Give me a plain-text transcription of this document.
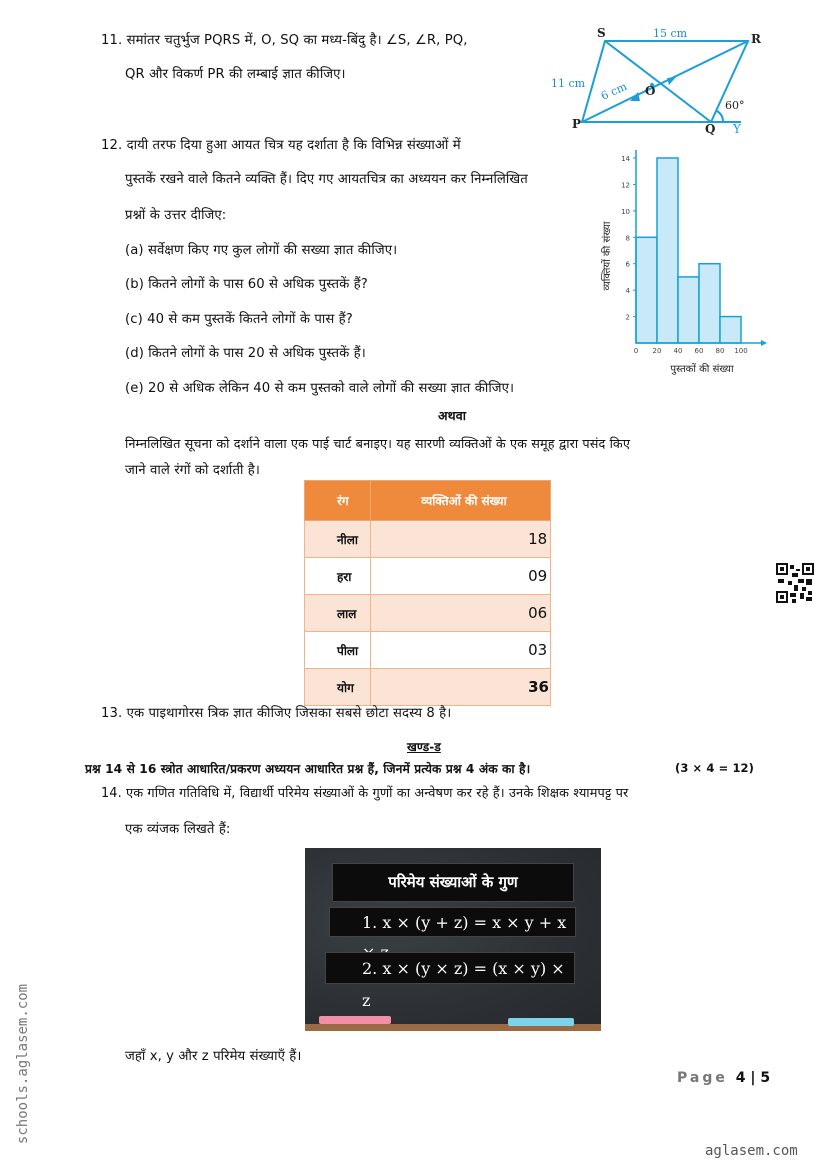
11. समांतर चतुर्भुज PQRS में, O, SQ का मध्य-बिंदु है। ∠S, ∠R, PQ,
QR और विकर्ण PR की लम्बाई ज्ञात कीजिए।
S	R
P	Q Y
O
15 cm
11 cm 6 cm
60°
12. दायी तरफ दिया हुआ आयत चित्र यह दर्शाता है कि विभिन्न संख्याओं में
पुस्तकें रखने वाले कितने व्यक्ति हैं। दिए गए आयतचित्र का अध्ययन कर निम्नलिखित
प्रश्नों के उत्तर दीजिए:
(a) सर्वेक्षण किए गए कुल लोगों की सख्या ज्ञात कीजिए।
(b) कितने लोगों के पास 60 से अधिक पुस्तकें हैं?
(c) 40 से कम पुस्तकें कितने लोगों के पास हैं?
(d) कितने लोगों के पास 20 से अधिक पुस्तकें हैं।
(e) 20 से अधिक लेकिन 40 से कम पुस्तको वाले लोगों की सख्या ज्ञात कीजिए।
2
4
6
8
10
12
14
0 20 40 60 80 100
व्यक्तियों की संख्या
पुस्तकों की संख्या
अथवा
निम्नलिखित सूचना को दर्शाने वाला एक पाई चार्ट बनाइए। यह सारणी व्यक्तिओं के एक समूह द्वारा पसंद किए
जाने वाले रंगों को दर्शाती है।
रंग	व्यक्तिओं की संख्या
नीला	18
हरा	09
लाल	06
पीला	03
योग	36
13. एक पाइथागोरस त्रिक ज्ञात कीजिए जिसका सबसे छोटा सदस्य 8 है।
खण्ड-ड
प्रश्न 14 से 16 स्त्रोत आधारित/प्रकरण अध्ययन आधारित प्रश्न हैं, जिनमें प्रत्येक प्रश्न 4 अंक का है।	(3 × 4 = 12)
14. एक गणित गतिविधि में, विद्यार्थी परिमेय संख्याओं के गुणों का अन्वेषण कर रहे हैं। उनके शिक्षक श्यामपट्ट पर
एक व्यंजक लिखते हैं:
परिमेय संख्याओं के गुण
1. x × (y + z) = x × y + x
2. x × (y × z) = (x × y) × z
जहाँ x, y और z परिमेय संख्याएँ हैं।
Page 4 | 5
aglasem.com
schools.aglasem.com
